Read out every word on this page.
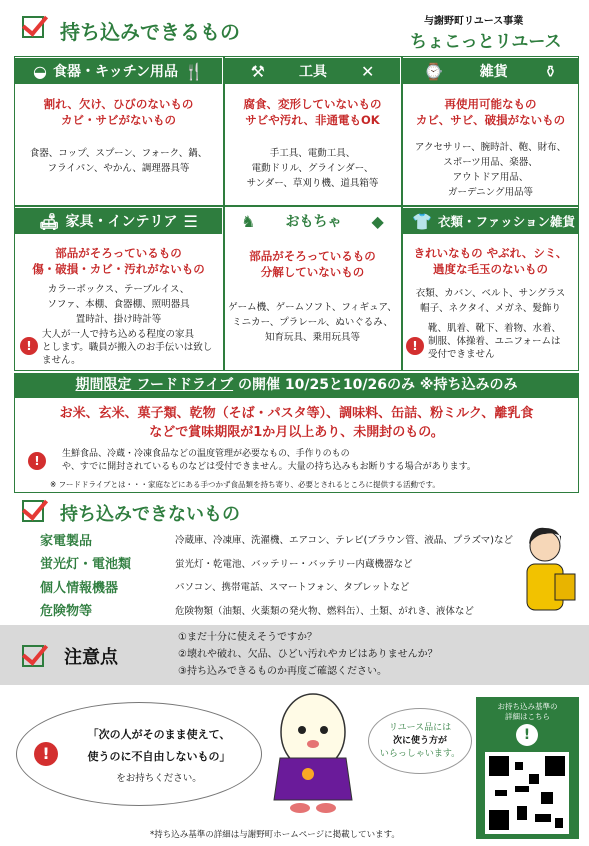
持ち込みできるもの	与謝野町リユース事業
ちょこっとリユース
◒ 食器・キッチン用品 🍴	⚒ 工具 ✕	⌚	雑貨 ⚱
割れ、欠け、ひびのないもの
カビ・サビがないもの
食器、コップ、スプーン、フォーク、鍋、
フライパン、やかん、調理器具等
腐食、変形していないもの
サビや汚れ、非通電もOK
手工具、電動工具、
電動ドリル、グラインダー、
サンダー、草刈り機、道具箱等
再使用可能なもの
カビ、サビ、破損がないもの
アクセサリー、腕時計、鞄、財布、
スポーツ用品、楽器、
アウトドア用品、
ガーデニング用品等
🛋 家具・インテリア ☰	♞ おもちゃ ◆ 👕 衣類・ファッション雑貨
部品がそろっているもの
傷・破損・カビ・汚れがないもの
カラーボックス、テーブルイス、
ソファ、本棚、食器棚、照明器具
置時計、掛け時計等
!
大人が一人で持ち込める程度の家具
とします。職員が搬入のお手伝いは致し
ません。
部品がそろっているもの
分解していないもの
ゲーム機、ゲームソフト、フィギュア、
ミニカー、プラレール、ぬいぐるみ、
知育玩具、乗用玩具等
きれいなもの やぶれ、シミ、
過度な毛玉のないもの
衣類、カバン、ベルト、サングラス
帽子、ネクタイ、メガネ、髪飾り
!
靴、肌着、靴下、着物、水着、
制服、体操着、ユニフォームは
受付できません
期間限定 フードドライブ の開催 10/25と10/26のみ ※持ち込みのみ
お米、玄米、菓子類、乾物（そば・パスタ等）、調味料、缶詰、粉ミルク、離乳食
などで賞味期限が1か月以上あり、未開封のもの。
!	生鮮食品、冷蔵・冷凍食品などの温度管理が必要なもの、手作りのもの
や、すでに開封されているものなどは受付できません。大量の持ち込みもお断りする場合があります。
※ フードドライブとは・・・家庭などにある手つかず食品類を持ち寄り、必要とされるところに提供する活動です。
持ち込みできないもの
家電製品	冷蔵庫、冷凍庫、洗濯機、エアコン、テレビ(ブラウン管、液晶、プラズマ)など
蛍光灯・電池類	蛍光灯・乾電池、バッテリー・バッテリー内蔵機器など
個人情報機器	パソコン、携帯電話、スマートフォン、タブレットなど
危険物等	危険物類（油類、火薬類の発火物、燃料缶）、土類、がれき、液体など
注意点
①まだ十分に使えそうですか？
②壊れや破れ、欠品、ひどい汚れやカビはありませんか？
③持ち込みできるものか再度ご確認ください。
!
「次の人がそのまま使えて、
使うのに不自由しないもの」
をお持ちください。
リユース品には
次に使う方が
いらっしゃいます。
お持ち込み基準の
詳細はこちら
!
*持ち込み基準の詳細は与謝野町ホームページに掲載しています。
